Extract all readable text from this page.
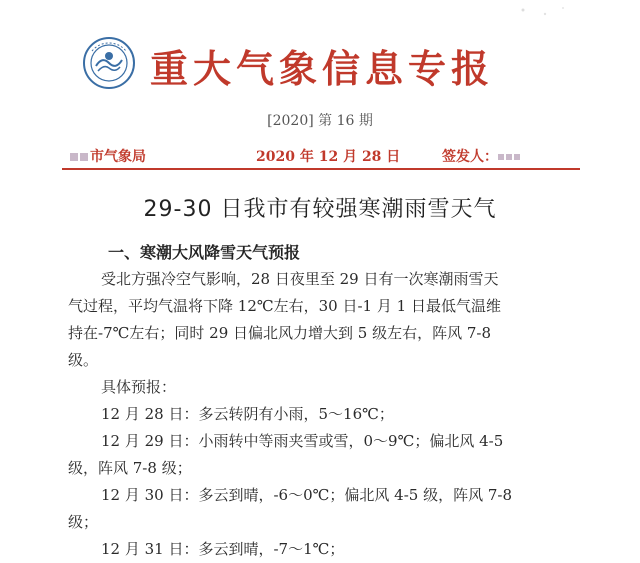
重大气象信息专报
[2020] 第 16 期
市气象局	2020 年 12 月 28 日	签发人：
29-30 日我市有较强寒潮雨雪天气
一、寒潮大风降雪天气预报

受北方强冷空气影响，28 日夜里至 29 日有一次寒潮雨雪天

气过程，平均气温将下降 12℃左右，30 日-1 月 1 日最低气温维

持在-7℃左右；同时 29 日偏北风力增大到 5 级左右，阵风 7-8

级。

具体预报：

12 月 28 日：多云转阴有小雨，5～16℃；

12 月 29 日：小雨转中等雨夹雪或雪，0～9℃；偏北风 4-5
级，阵风 7-8 级；

12 月 30 日：多云到晴，-6～0℃；偏北风 4-5 级，阵风 7-8
级；

12 月 31 日：多云到晴，-7～1℃；
